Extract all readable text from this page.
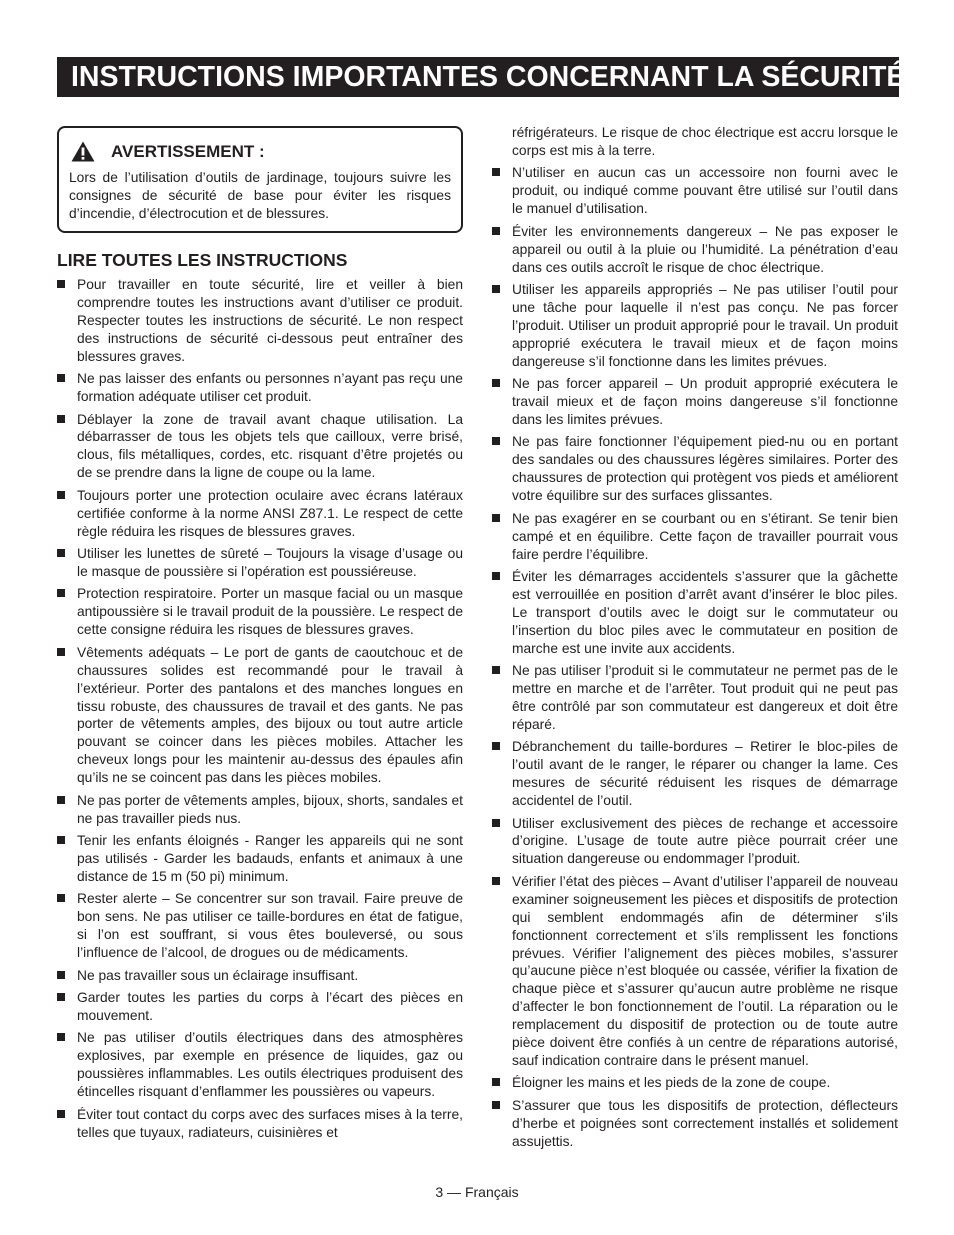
INSTRUCTIONS IMPORTANTES CONCERNANT LA SÉCURITÉ
AVERTISSEMENT :

Lors de l’utilisation d’outils de jardinage, toujours suivre les consignes de sécurité de base pour éviter les risques d’incendie, d’électrocution et de blessures.

LIRE TOUTES LES INSTRUCTIONS
Pour travailler en toute sécurité, lire et veiller à bien comprendre toutes les instructions avant d’utiliser ce produit. Respecter toutes les instructions de sécurité. Le non respect des instructions de sécurité ci-dessous peut entraîner des blessures graves.
Ne pas laisser des enfants ou personnes n’ayant pas reçu une formation adéquate utiliser cet produit.
Déblayer la zone de travail avant chaque utilisation. La débarrasser de tous les objets tels que cailloux, verre brisé, clous, fils métalliques, cordes, etc. risquant d’être projetés ou de se prendre dans la ligne de coupe ou la lame.
Toujours porter une protection oculaire avec écrans latéraux certifiée conforme à la norme ANSI Z87.1. Le respect de cette règle réduira les risques de blessures graves.
Utiliser les lunettes de sûreté – Toujours la visage d’usage ou le masque de poussière si l’opération est poussiéreuse.
Protection respiratoire. Porter un masque facial ou un masque antipoussière si le travail produit de la poussière. Le respect de cette consigne réduira les risques de blessures graves.
Vêtements adéquats – Le port de gants de caoutchouc et de chaussures solides est recommandé pour le travail à l’extérieur. Porter des pantalons et des manches longues en tissu robuste, des chaussures de travail et des gants. Ne pas porter de vêtements amples, des bijoux ou tout autre article pouvant se coincer dans les pièces mobiles. Attacher les cheveux longs pour les maintenir au-dessus des épaules afin qu’ils ne se coincent pas dans les pièces mobiles.
Ne pas porter de vêtements amples, bijoux, shorts, sandales et ne pas travailler pieds nus.
Tenir les enfants éloignés - Ranger les appareils qui ne sont pas utilisés - Garder les badauds, enfants et animaux à une distance de 15 m (50 pi) minimum.
Rester alerte – Se concentrer sur son travail. Faire preuve de bon sens. Ne pas utiliser ce taille-bordures en état de fatigue, si l’on est souffrant, si vous êtes bouleversé, ou sous l’influence de l’alcool, de drogues ou de médicaments.
Ne pas travailler sous un éclairage insuffisant.
Garder toutes les parties du corps à l’écart des pièces en mouvement.
Ne pas utiliser d’outils électriques dans des atmosphères explosives, par exemple en présence de liquides, gaz ou poussières inflammables. Les outils électriques produisent des étincelles risquant d’enflammer les poussières ou vapeurs.
Éviter tout contact du corps avec des surfaces mises à la terre, telles que tuyaux, radiateurs, cuisinières et

réfrigérateurs. Le risque de choc électrique est accru lorsque le corps est mis à la terre.

N’utiliser en aucun cas un accessoire non fourni avec le produit, ou indiqué comme pouvant être utilisé sur l’outil dans le manuel d’utilisation.
Éviter les environnements dangereux – Ne pas exposer le appareil ou outil à la pluie ou l’humidité. La pénétration d’eau dans ces outils accroît le risque de choc électrique.
Utiliser les appareils appropriés – Ne pas utiliser l’outil pour une tâche pour laquelle il n’est pas conçu. Ne pas forcer l’produit. Utiliser un produit approprié pour le travail. Un produit approprié exécutera le travail mieux et de façon moins dangereuse s’il fonctionne dans les limites prévues.
Ne pas forcer appareil – Un produit approprié exécutera le travail mieux et de façon moins dangereuse s’il fonctionne dans les limites prévues.
Ne pas faire fonctionner l’équipement pied-nu ou en portant des sandales ou des chaussures légères similaires. Porter des chaussures de protection qui protègent vos pieds et améliorent votre équilibre sur des surfaces glissantes.
Ne pas exagérer en se courbant ou en s’étirant. Se tenir bien campé et en équilibre. Cette façon de travailler pourrait vous faire perdre l’équilibre.
Éviter les démarrages accidentels s’assurer que la gâchette est verrouillée en position d’arrêt avant d’insérer le bloc piles. Le transport d’outils avec le doigt sur le commutateur ou l’insertion du bloc piles avec le commutateur en position de marche est une invite aux accidents.
Ne pas utiliser l’produit si le commutateur ne permet pas de le mettre en marche et de l’arrêter. Tout produit qui ne peut pas être contrôlé par son commutateur est dangereux et doit être réparé.
Débranchement du taille-bordures – Retirer le bloc-piles de l’outil avant de le ranger, le réparer ou changer la lame. Ces mesures de sécurité réduisent les risques de démarrage accidentel de l’outil.
Utiliser exclusivement des pièces de rechange et accessoire d’origine. L’usage de toute autre pièce pourrait créer une situation dangereuse ou endommager l’produit.
Vérifier l’état des pièces – Avant d’utiliser l’appareil de nouveau examiner soigneusement les pièces et dispositifs de protection qui semblent endommagés afin de déterminer s’ils fonctionnent correctement et s’ils remplissent les fonctions prévues. Vérifier l’alignement des pièces mobiles, s’assurer qu’aucune pièce n’est bloquée ou cassée, vérifier la fixation de chaque pièce et s’assurer qu’aucun autre problème ne risque d’affecter le bon fonctionnement de l’outil. La réparation ou le remplacement du dispositif de protection ou de toute autre pièce doivent être confiés à un centre de réparations autorisé, sauf indication contraire dans le présent manuel.
Éloigner les mains et les pieds de la zone de coupe.
S’assurer que tous les dispositifs de protection, déflecteurs d’herbe et poignées sont correctement installés et solidement assujettis.
3 — Français
